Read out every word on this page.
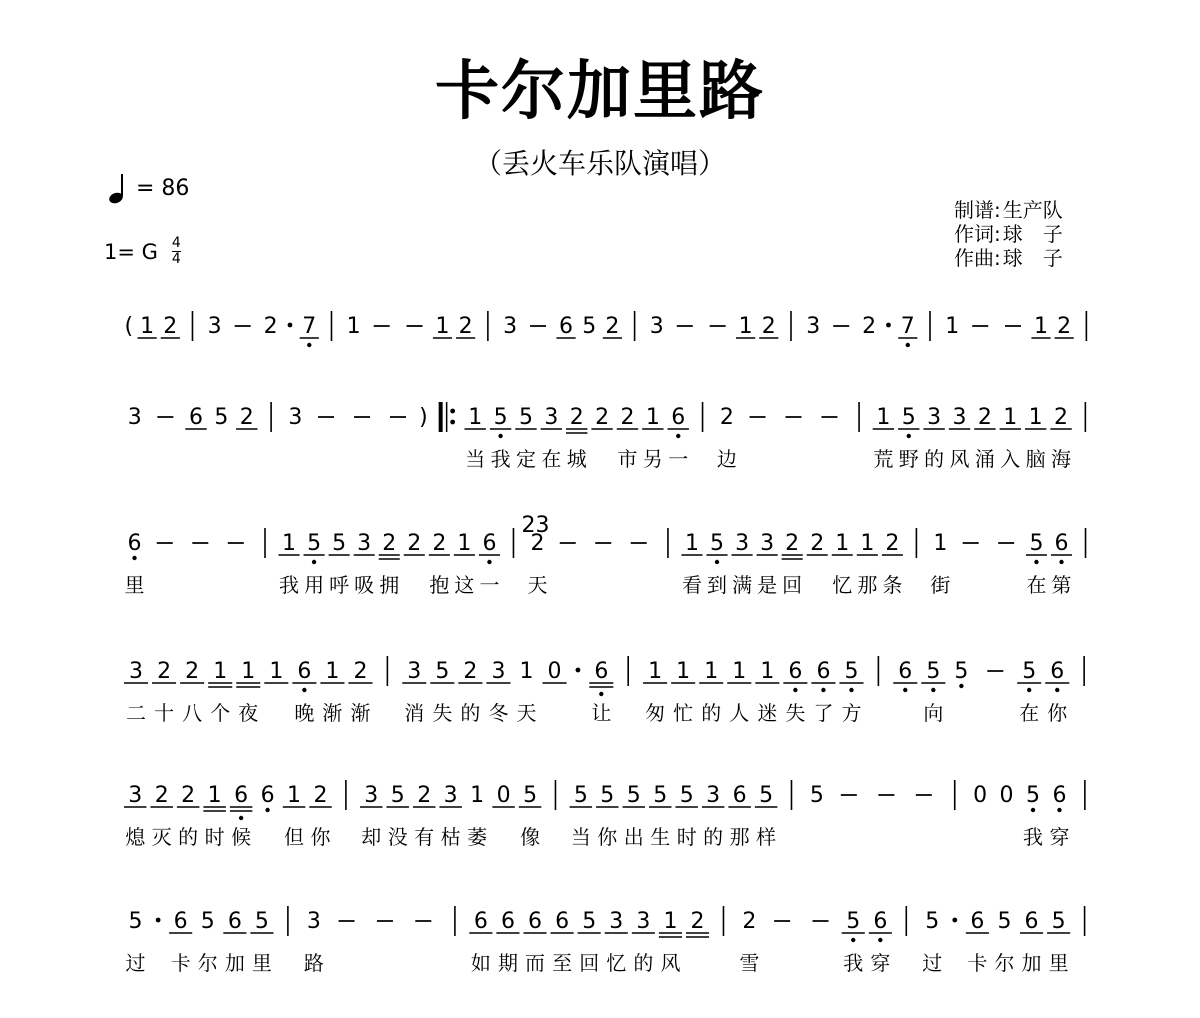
卡尔加里路
（丢火车乐队演唱）
= 86
1= G 4
4
制谱: 生产队
作词: 球　子
作曲: 球　子
( 1 2 3 2 7 1	1 2 3 6 5 2 3	1 2 3 2 7 1	1 2
3 6 5 2 3	) 1
当
5
我
5
定
3
在
2
城
2 2
市
1
另
6
一
2
边
1
荒
5
野
3
的
3
风
2
涌
1
入
1
脑
2
海
6
里
1
我
5
用
5
呼
3
吸
2
拥
2 2
抱
1
这
6
一
2
天
23
1
看
5
到
3
满
3
是
2
回
2 1
忆
1
那
2
条
1
街
5
在
6
第
3
二
2
十
2
八
1
个
1
夜
1 6
晚
1
渐
2
渐
3
消
5
失
2
的
3
冬
1
天
0 6
让
1
匆
1
忙
1
的
1
人
1
迷
6
失
6
了
5
方
6 5
向
5 5
在
6
你
3
熄
2
灭
2
的
1
时
6
候
6 1
但
2
你
3
却
5
没
2
有
3
枯
1
萎
0 5
像
5
当
5
你
5
出
5
生
5
时
3
的
6
那
5
样
5	0 0 5
我
6
穿
5
过
6
卡
5
尔
6
加
5
里
3
路
6
如
6
期
6
而
6
至
5
回
3
忆
3
的
1
风
2 2
雪
5
我
6
穿
5
过
6
卡
5
尔
6
加
5
里
